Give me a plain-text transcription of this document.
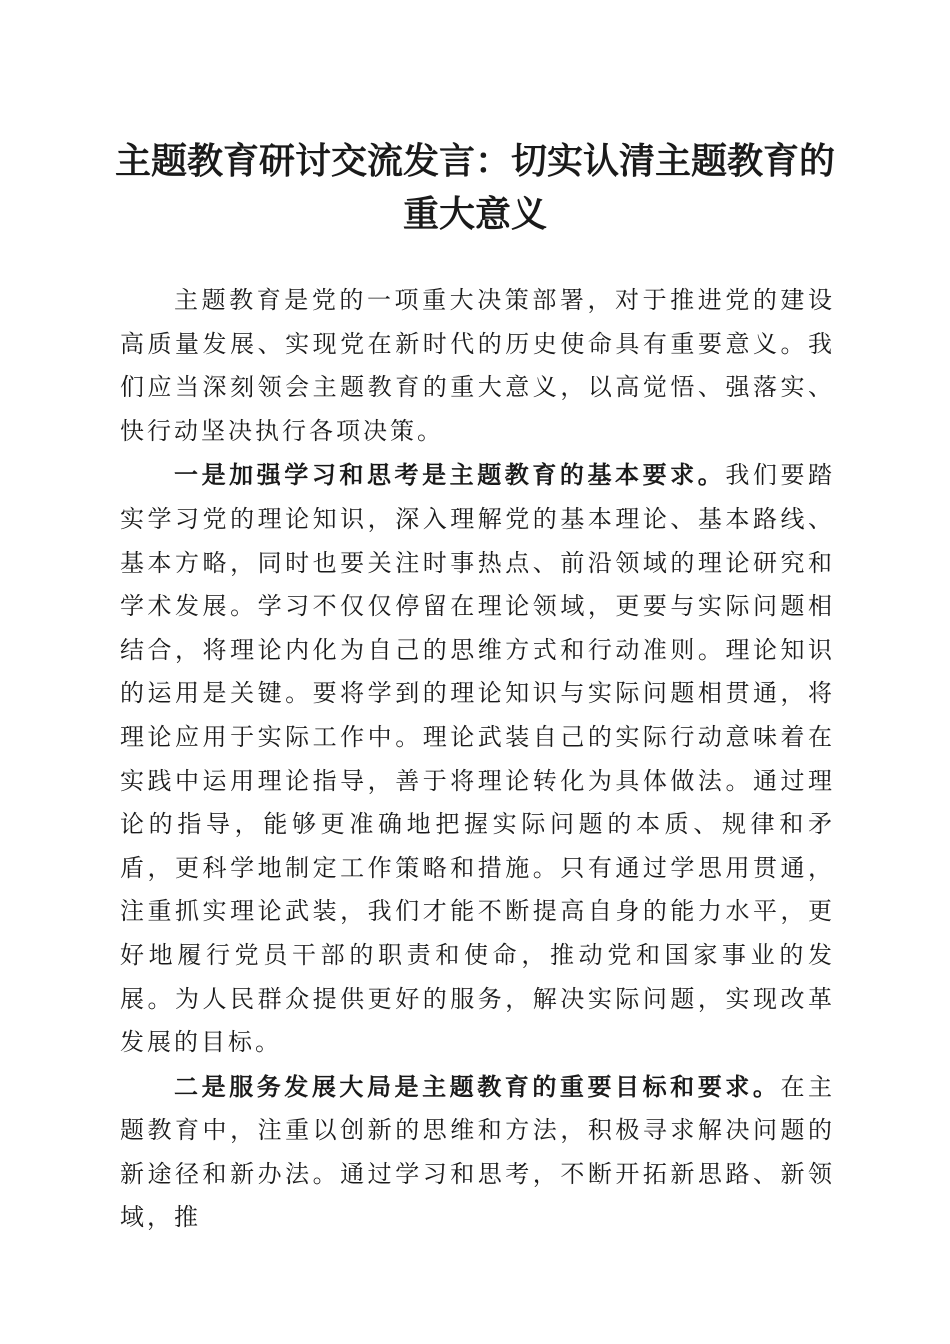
主题教育研讨交流发言：切实认清主题教育的
重大意义

主题教育是党的一项重大决策部署，对于推进党的建设高质量发展、实现党在新时代的历史使命具有重要意义。我们应当深刻领会主题教育的重大意义，以高觉悟、强落实、快行动坚决执行各项决策。

一是加强学习和思考是主题教育的基本要求。我们要踏实学习党的理论知识，深入理解党的基本理论、基本路线、基本方略，同时也要关注时事热点、前沿领域的理论研究和学术发展。学习不仅仅停留在理论领域，更要与实际问题相结合，将理论内化为自己的思维方式和行动准则。理论知识的运用是关键。要将学到的理论知识与实际问题相贯通，将理论应用于实际工作中。理论武装自己的实际行动意味着在实践中运用理论指导，善于将理论转化为具体做法。通过理论的指导，能够更准确地把握实际问题的本质、规律和矛盾，更科学地制定工作策略和措施。只有通过学思用贯通，注重抓实理论武装，我们才能不断提高自身的能力水平，更好地履行党员干部的职责和使命，推动党和国家事业的发展。为人民群众提供更好的服务，解决实际问题，实现改革发展的目标。

二是服务发展大局是主题教育的重要目标和要求。在主题教育中，注重以创新的思维和方法，积极寻求解决问题的新途径和新办法。通过学习和思考，不断开拓新思路、新领域，推
